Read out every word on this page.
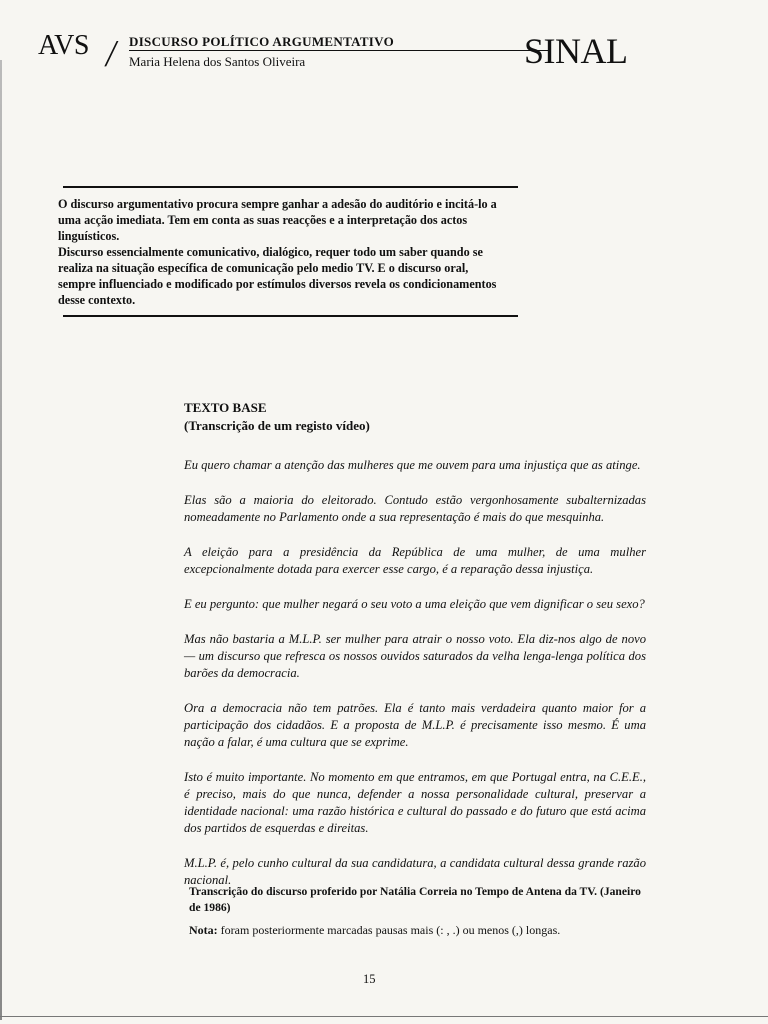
AVS / DISCURSO POLÍTICO ARGUMENTATIVO
Maria Helena dos Santos Oliveira	SINAL

O discurso argumentativo procura sempre ganhar a adesão do auditório e incitá-lo a
uma acção imediata. Tem em conta as suas reacções e a interpretação dos actos
linguísticos.
Discurso essencialmente comunicativo, dialógico, requer todo um saber quando se
realiza na situação específica de comunicação pelo medio TV. E o discurso oral,
sempre influenciado e modificado por estímulos diversos revela os condicionamentos
desse contexto.

TEXTO BASE
(Transcrição de um registo vídeo)

Eu quero chamar a atenção das mulheres que me ouvem para uma injustiça que as atinge.

Elas são a maioria do eleitorado. Contudo estão vergonhosamente subalternizadas nomeadamente no Parlamento onde a sua representação é mais do que mesquinha.

A eleição para a presidência da República de uma mulher, de uma mulher excepcionalmente dotada para exercer esse cargo, é a reparação dessa injustiça.

E eu pergunto: que mulher negará o seu voto a uma eleição que vem dignificar o seu sexo?

Mas não bastaria a M.L.P. ser mulher para atrair o nosso voto. Ela diz-nos algo de novo — um discurso que refresca os nossos ouvidos saturados da velha lenga-lenga política dos barões da democracia.

Ora a democracia não tem patrões. Ela é tanto mais verdadeira quanto maior for a participação dos cidadãos. E a proposta de M.L.P. é precisamente isso mesmo. É uma nação a falar, é uma cultura que se exprime.

Isto é muito importante. No momento em que entramos, em que Portugal entra, na C.E.E., é preciso, mais do que nunca, defender a nossa personalidade cultural, preservar a identidade nacional: uma razão histórica e cultural do passado e do futuro que está acima dos partidos de esquerdas e direitas.

M.L.P. é, pelo cunho cultural da sua candidatura, a candidata cultural dessa grande razão nacional.

Transcrição do discurso proferido por Natália Correia no Tempo de Antena da TV. (Janeiro de 1986)
Nota: foram posteriormente marcadas pausas mais (: , .) ou menos (,) longas.
15
